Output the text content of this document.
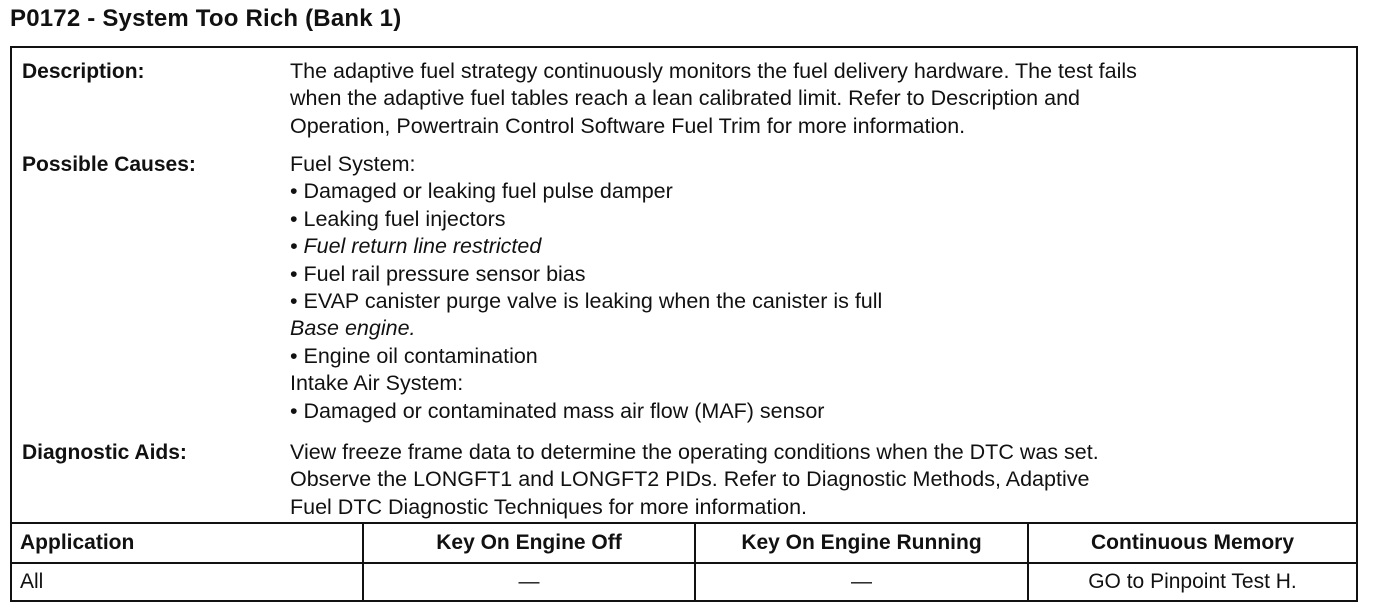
P0172 - System Too Rich (Bank 1)
Description:	The adaptive fuel strategy continuously monitors the fuel delivery hardware. The test fails
when the adaptive fuel tables reach a lean calibrated limit. Refer to Description and
Operation, Powertrain Control Software Fuel Trim for more information.
Possible Causes:	Fuel System:
• Damaged or leaking fuel pulse damper
• Leaking fuel injectors
• Fuel return line restricted
• Fuel rail pressure sensor bias
• EVAP canister purge valve is leaking when the canister is full
Base engine.
• Engine oil contamination
Intake Air System:
• Damaged or contaminated mass air flow (MAF) sensor
Diagnostic Aids:	View freeze frame data to determine the operating conditions when the DTC was set.
Observe the LONGFT1 and LONGFT2 PIDs. Refer to Diagnostic Methods, Adaptive
Fuel DTC Diagnostic Techniques for more information.
Application	Key On Engine Off	Key On Engine Running	Continuous Memory
All	—	—	GO to Pinpoint Test H.
